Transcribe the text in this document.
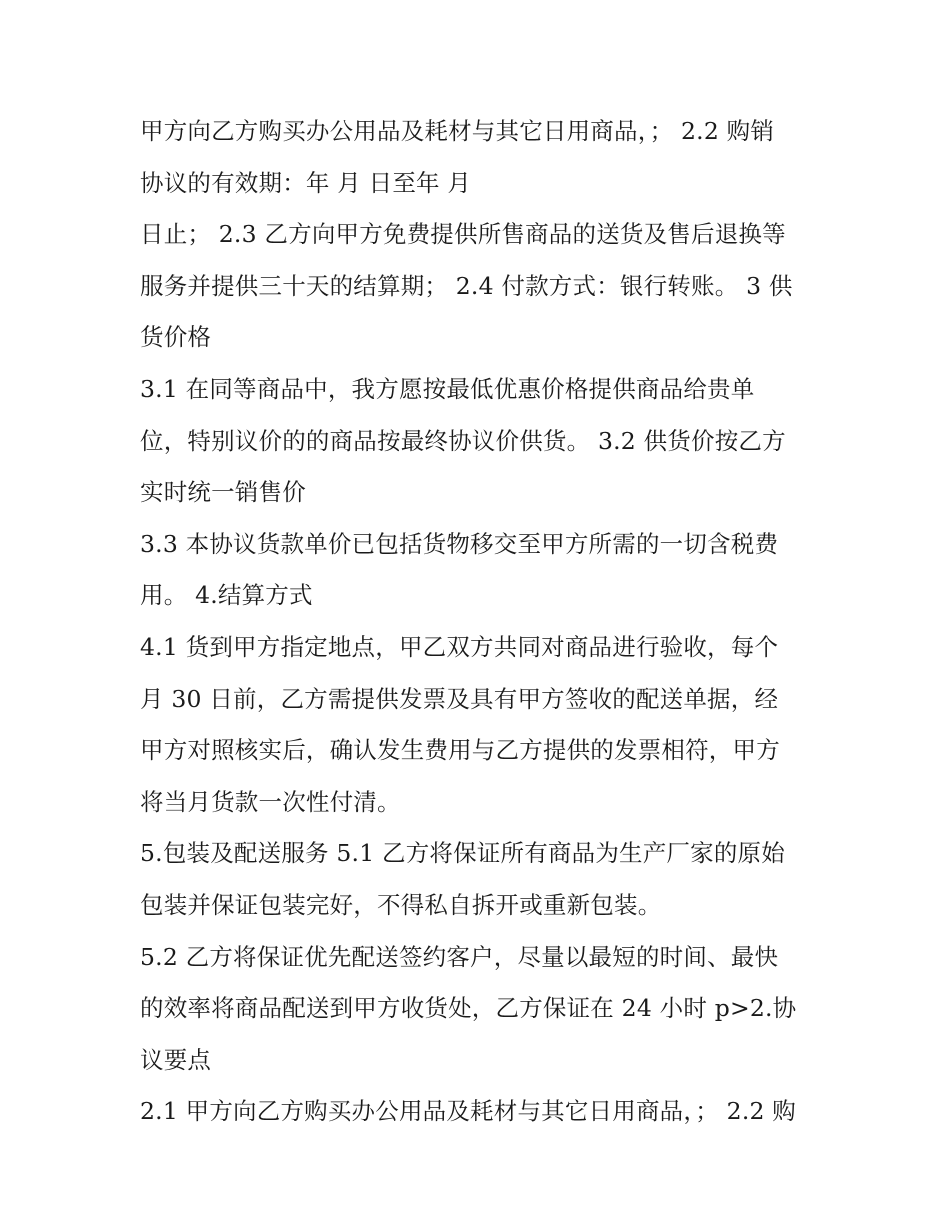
甲方向乙方购买办公用品及耗材与其它日用商品，； 2.2 购销
协议的有效期：年 月 日至年 月
日止； 2.3 乙方向甲方免费提供所售商品的送货及售后退换等
服务并提供三十天的结算期； 2.4 付款方式：银行转账。 3 供
货价格
3.1 在同等商品中，我方愿按最低优惠价格提供商品给贵单
位，特别议价的的商品按最终协议价供货。 3.2 供货价按乙方
实时统一销售价
3.3 本协议货款单价已包括货物移交至甲方所需的一切含税费
用。 4.结算方式
4.1 货到甲方指定地点，甲乙双方共同对商品进行验收，每个
月 30 日前，乙方需提供发票及具有甲方签收的配送单据，经
甲方对照核实后，确认发生费用与乙方提供的发票相符，甲方
将当月货款一次性付清。
5.包装及配送服务 5.1 乙方将保证所有商品为生产厂家的原始
包装并保证包装完好，不得私自拆开或重新包装。
5.2 乙方将保证优先配送签约客户，尽量以最短的时间、最快
的效率将商品配送到甲方收货处，乙方保证在 24 小时 p>2.协
议要点
2.1 甲方向乙方购买办公用品及耗材与其它日用商品，； 2.2 购
